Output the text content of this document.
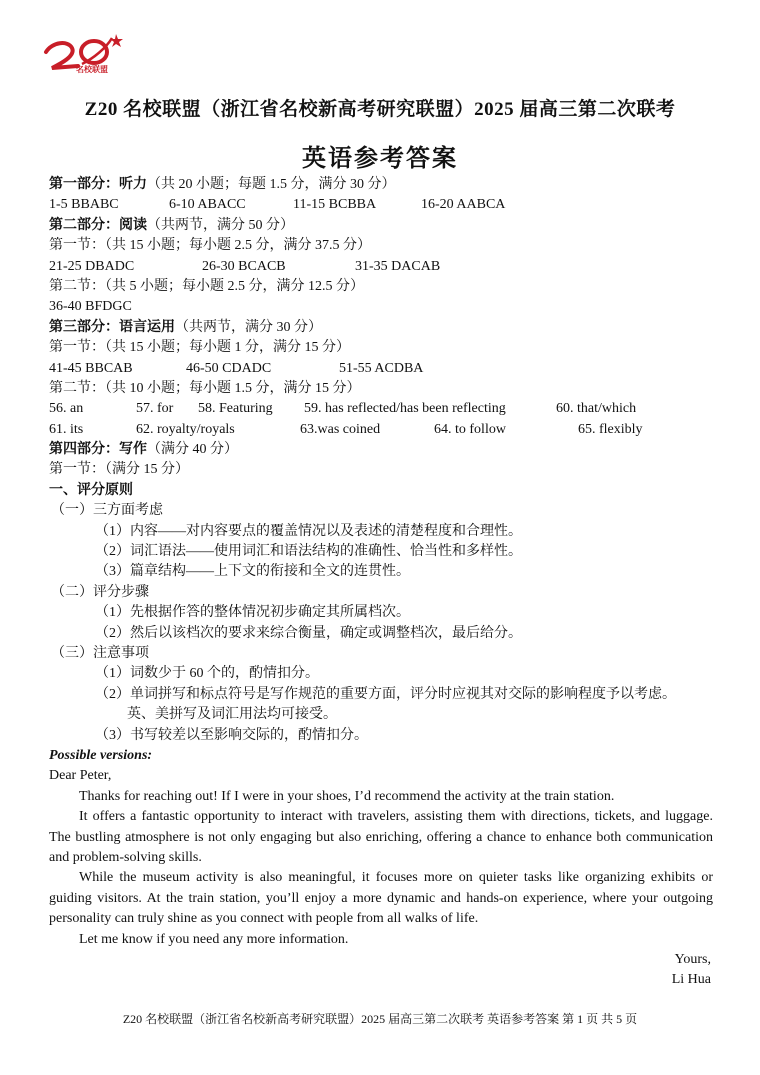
名校联盟
Z20 名校联盟（浙江省名校新高考研究联盟）2025 届高三第二次联考
英语参考答案
第一部分：听力（共 20 小题；每题 1.5 分，满分 30 分）
1-5 BBABC	6-10 ABACC	11-15 BCBBA	16-20 AABCA
第二部分：阅读（共两节，满分 50 分）
第一节：（共 15 小题；每小题 2.5 分，满分 37.5 分）
21-25 DBADC	26-30 BCACB	31-35 DACAB
第二节：（共 5 小题；每小题 2.5 分，满分 12.5 分）
36-40 BFDGC
第三部分：语言运用（共两节，满分 30 分）
第一节：（共 15 小题；每小题 1 分，满分 15 分）
41-45 BBCAB	46-50 CDADC	51-55 ACDBA
第二节：（共 10 小题；每小题 1.5 分，满分 15 分）
56. an	57. for 58. Featuring 59. has reflected/has been reflecting	60. that/which
61. its	62. royalty/royals	63.was coined	64. to follow	65. flexibly
第四部分：写作（满分 40 分）
第一节：（满分 15 分）
一、评分原则
（一）三方面考虑
（1）内容——对内容要点的覆盖情况以及表述的清楚程度和合理性。
（2）词汇语法——使用词汇和语法结构的准确性、恰当性和多样性。
（3）篇章结构——上下文的衔接和全文的连贯性。
（二）评分步骤
（1）先根据作答的整体情况初步确定其所属档次。
（2）然后以该档次的要求来综合衡量，确定或调整档次，最后给分。
（三）注意事项
（1）词数少于 60 个的，酌情扣分。
（2）单词拼写和标点符号是写作规范的重要方面，评分时应视其对交际的影响程度予以考虑。
英、美拼写及词汇用法均可接受。
（3）书写较差以至影响交际的，酌情扣分。
Possible versions:
Dear Peter,

Thanks for reaching out! If I were in your shoes, I’d recommend the activity at the train station.

It offers a fantastic opportunity to interact with travelers, assisting them with directions, tickets, and luggage. The bustling atmosphere is not only engaging but also enriching, offering a chance to enhance both communication and problem-solving skills.

While the museum activity is also meaningful, it focuses more on quieter tasks like organizing exhibits or guiding visitors. At the train station, you’ll enjoy a more dynamic and hands-on experience, where your outgoing personality can truly shine as you connect with people from all walks of life.

Let me know if you need any more information.

Yours,
Li Hua
Z20 名校联盟（浙江省名校新高考研究联盟）2025 届高三第二次联考 英语参考答案 第 1 页 共 5 页
